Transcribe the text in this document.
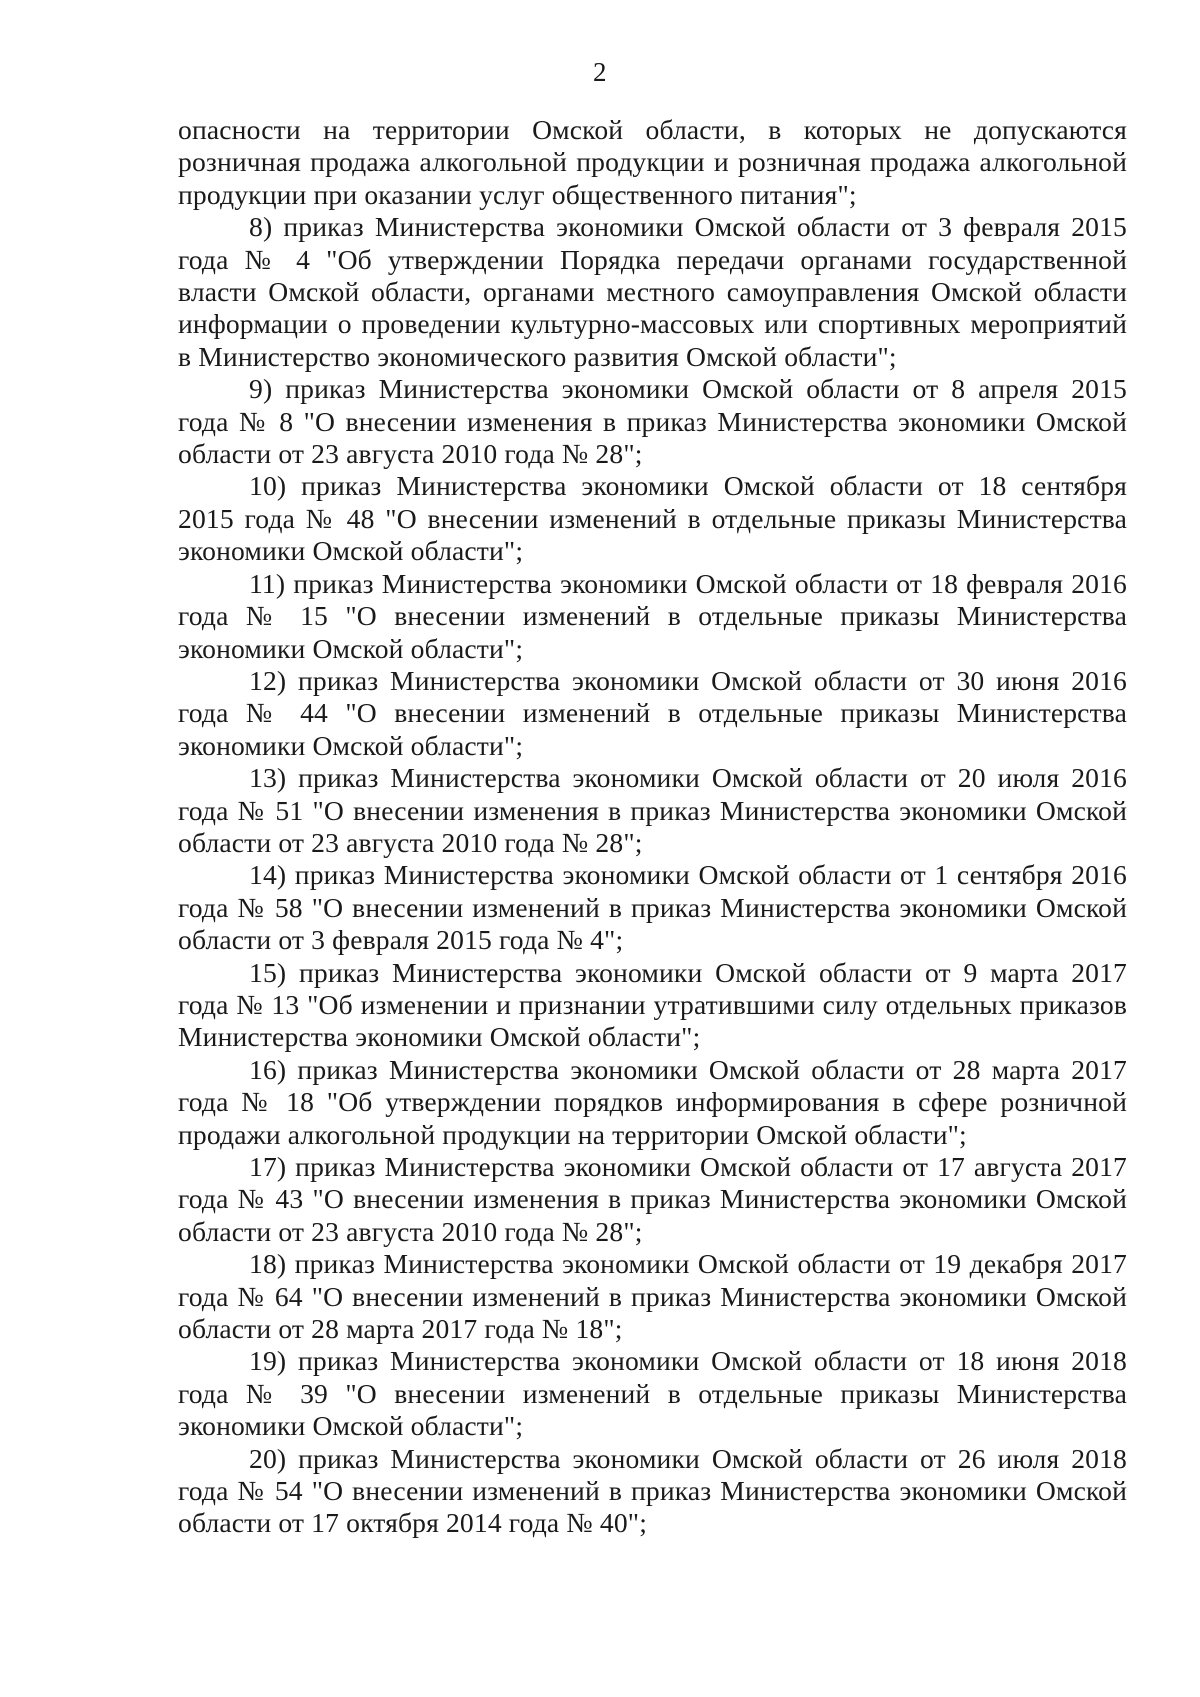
2

опасности на территории Омской области, в которых не допускаются розничная продажа алкогольной продукции и розничная продажа алкогольной продукции при оказании услуг общественного питания";

8) приказ Министерства экономики Омской области от 3 февраля 2015 года № 4 "Об утверждении Порядка передачи органами государственной власти Омской области, органами местного самоуправления Омской области информации о проведении культурно-массовых или спортивных мероприятий в Министерство экономического развития Омской области";

9) приказ Министерства экономики Омской области от 8 апреля 2015 года № 8 "О внесении изменения в приказ Министерства экономики Омской области от 23 августа 2010 года № 28";

10) приказ Министерства экономики Омской области от 18 сентября 2015 года № 48 "О внесении изменений в отдельные приказы Министерства экономики Омской области";

11) приказ Министерства экономики Омской области от 18 февраля 2016 года № 15 "О внесении изменений в отдельные приказы Министерства экономики Омской области";

12) приказ Министерства экономики Омской области от 30 июня 2016 года № 44 "О внесении изменений в отдельные приказы Министерства экономики Омской области";

13) приказ Министерства экономики Омской области от 20 июля 2016 года № 51 "О внесении изменения в приказ Министерства экономики Омской области от 23 августа 2010 года № 28";

14) приказ Министерства экономики Омской области от 1 сентября 2016 года № 58 "О внесении изменений в приказ Министерства экономики Омской области от 3 февраля 2015 года № 4";

15) приказ Министерства экономики Омской области от 9 марта 2017 года № 13 "Об изменении и признании утратившими силу отдельных приказов Министерства экономики Омской области";

16) приказ Министерства экономики Омской области от 28 марта 2017 года № 18 "Об утверждении порядков информирования в сфере розничной продажи алкогольной продукции на территории Омской области";

17) приказ Министерства экономики Омской области от 17 августа 2017 года № 43 "О внесении изменения в приказ Министерства экономики Омской области от 23 августа 2010 года № 28";

18) приказ Министерства экономики Омской области от 19 декабря 2017 года № 64 "О внесении изменений в приказ Министерства экономики Омской области от 28 марта 2017 года № 18";

19) приказ Министерства экономики Омской области от 18 июня 2018 года № 39 "О внесении изменений в отдельные приказы Министерства экономики Омской области";

20) приказ Министерства экономики Омской области от 26 июля 2018 года № 54 "О внесении изменений в приказ Министерства экономики Омской области от 17 октября 2014 года № 40";
